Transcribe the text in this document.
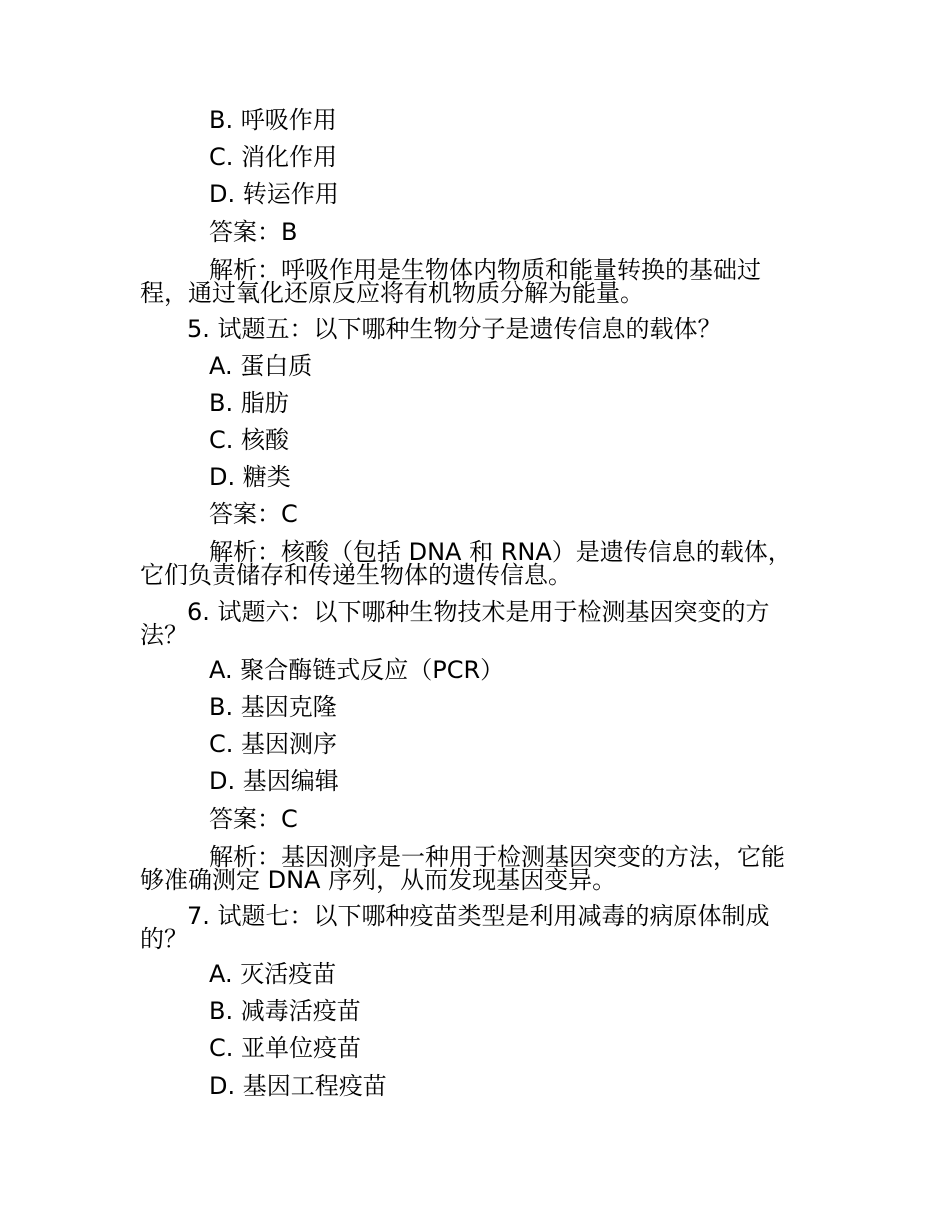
B. 呼吸作用
C. 消化作用
D. 转运作用
答案：B
解析：呼吸作用是生物体内物质和能量转换的基础过
程，通过氧化还原反应将有机物质分解为能量。
5. 试题五：以下哪种生物分子是遗传信息的载体？
A. 蛋白质
B. 脂肪
C. 核酸
D. 糖类
答案：C
解析：核酸（包括 DNA 和 RNA）是遗传信息的载体，
它们负责储存和传递生物体的遗传信息。
6. 试题六：以下哪种生物技术是用于检测基因突变的方
法？
A. 聚合酶链式反应（PCR）
B. 基因克隆
C. 基因测序
D. 基因编辑
答案：C
解析：基因测序是一种用于检测基因突变的方法，它能
够准确测定 DNA 序列，从而发现基因变异。
7. 试题七：以下哪种疫苗类型是利用减毒的病原体制成
的？
A. 灭活疫苗
B. 减毒活疫苗
C. 亚单位疫苗
D. 基因工程疫苗
